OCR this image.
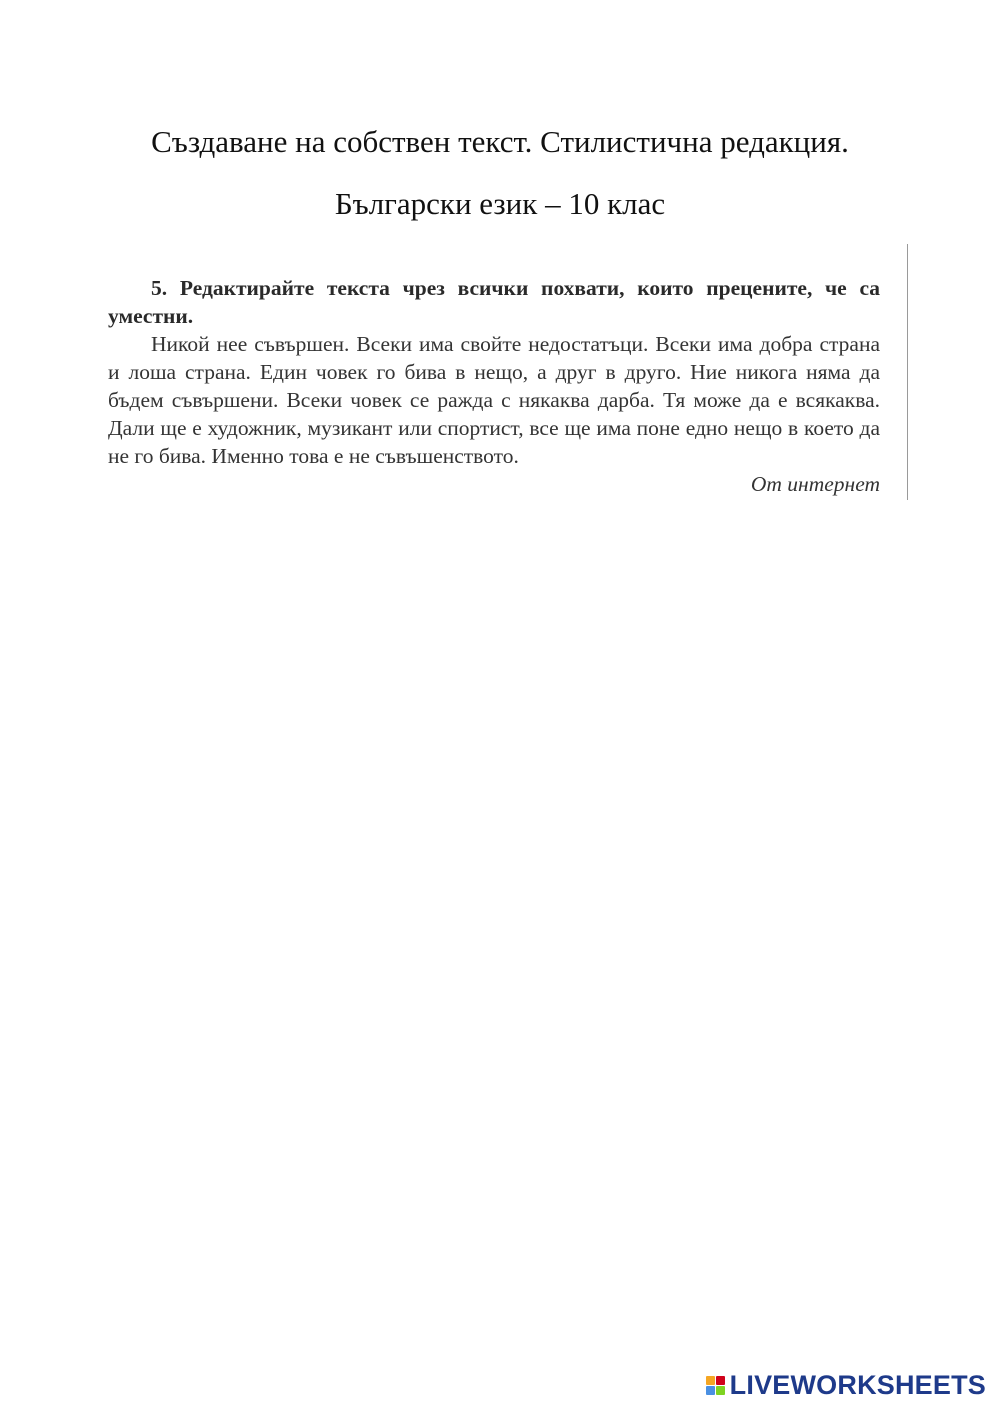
Създаване на собствен текст. Стилистична редакция.
Български език – 10 клас

5. Редактирайте текста чрез всички похвати, които прецените, че са уместни.

Никой нее съвършен. Всеки има свойте недостатъци. Всеки има добра страна и лоша страна. Един човек го бива в нещо, а друг в друго. Ние никога няма да бъдем съвършени. Всеки човек се ражда с някаква дарба. Тя може да е всякаква. Дали ще е художник, музикант или спортист, все ще има поне едно нещо в което да не го бива. Именно това е не съвъшенството.

От интернет

LIVEWORKSHEETS
